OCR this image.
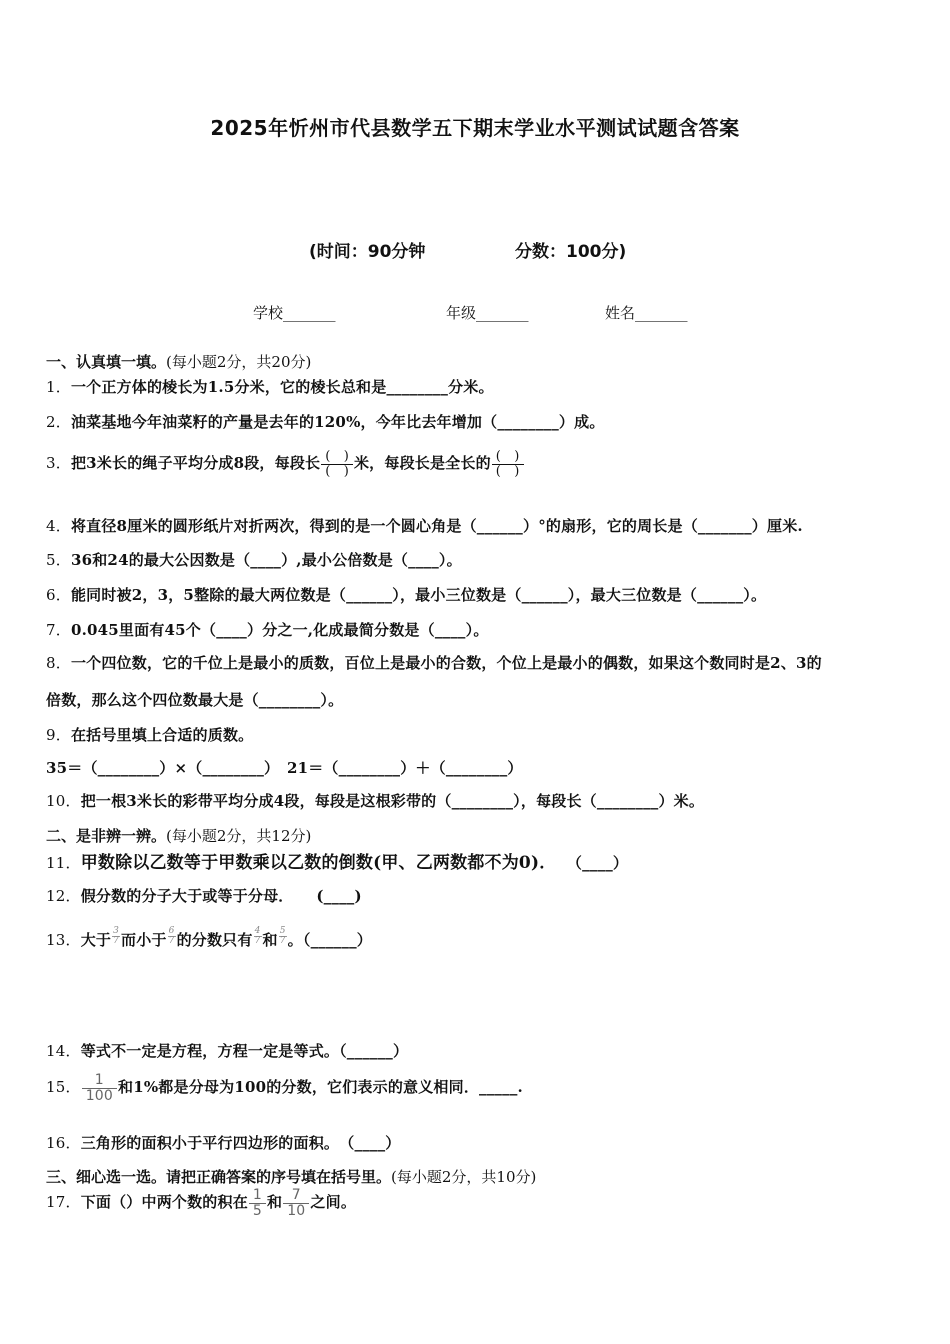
2025年忻州市代县数学五下期末学业水平测试试题含答案
(时间：90分钟	分数：100分)
学校_______	年级_______	姓名_______
一、认真填一填。(每小题2分，共20分)
1．一个正方体的棱长为1.5分米，它的棱长总和是________分米。
2．油菜基地今年油菜籽的产量是去年的120%，今年比去年增加（________）成。
3．把3米长的绳子平均分成8段，每段长 $\frac{( )}{( )}$ 米，每段长是全长的 $\frac{( )}{( )}$
4．将直径8厘米的圆形纸片对折两次，得到的是一个圆心角是（______）°的扇形，它的周长是（_______）厘米.
5．36和24的最大公因数是（____）,最小公倍数是（____）。
6．能同时被2，3，5整除的最大两位数是（______），最小三位数是（______），最大三位数是（______）。
7．0.045里面有45个（____）分之一,化成最简分数是（____）。
8．一个四位数，它的千位上是最小的质数，百位上是最小的合数，个位上是最小的偶数，如果这个数同时是2、3的
倍数，那么这个四位数最大是（________）。
9．在括号里填上合适的质数。
35＝（________）×（________）　21＝（________）＋（________）
10．把一根3米长的彩带平均分成4段，每段是这根彩带的（________），每段长（________）米。
二、是非辨一辨。(每小题2分，共12分)
11．甲数除以乙数等于甲数乘以乙数的倒数(甲、乙两数都不为0)． （____）
12．假分数的分子大于或等于分母．　　(____)
13．大于 $\frac{3}{7}$ 而小于 $\frac{6}{7}$ 的分数只有 $\frac{4}{7}$ 和 $\frac{5}{7}$ 。（______）
14．等式不一定是方程，方程一定是等式。（______）
15． $\frac{1}{100}$ 和1%都是分母为100的分数，它们表示的意义相同．_____.
16．三角形的面积小于平行四边形的面积。　（____）
三、细心选一选。请把正确答案的序号填在括号里。(每小题2分，共10分)
17．下面（）中两个数的积在 $\frac{1}{5}$ 和 $\frac{7}{10}$ 之间。
